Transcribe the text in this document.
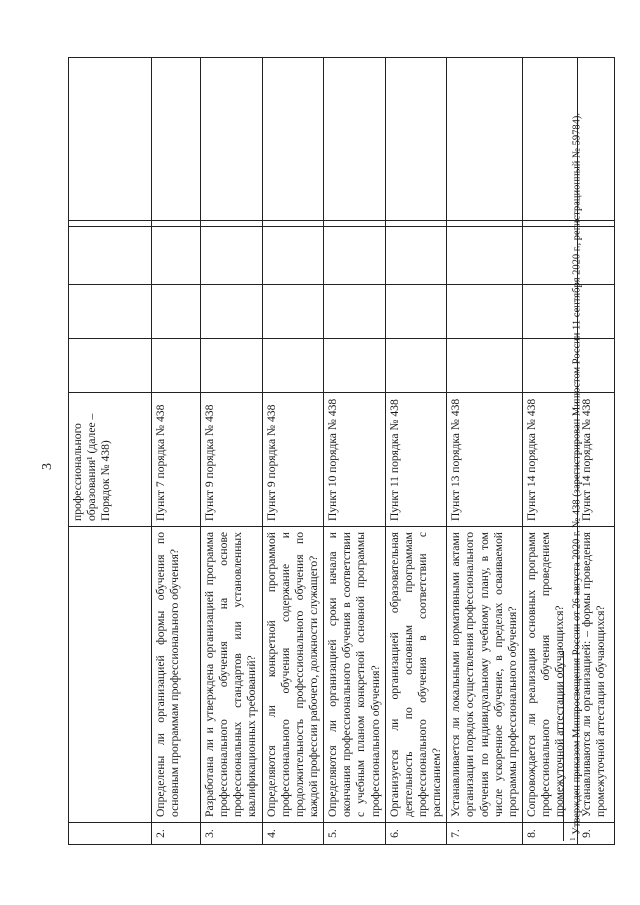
3
		профессионального образования¹ (далее – Порядок № 438)					
2.	Определены ли организацией формы обучения по основным программам профессионального обучения?	Пункт 7 порядка № 438					
3.	Разработана ли и утверждена организацией программа профессионального обучения на основе профессиональных стандартов или установленных квалификационных требований?	Пункт 9 порядка № 438					
4.	Определяются ли конкретной программой профессионального обучения содержание и продолжительность профессионального обучения по каждой профессии рабочего, должности служащего?	Пункт 9 порядка № 438					
5.	Определяются ли организацией сроки начала и окончания профессионального обучения в соответствии с учебным планом конкретной основной программы профессионального обучения?	Пункт 10 порядка № 438					
6.	Организуется ли организацией образовательная деятельность по основным программам профессионального обучения в соответствии с расписанием?	Пункт 11 порядка № 438					
7.	Устанавливается ли локальными нормативными актами организации порядок осуществления профессионального обучения по индивидуальному учебному плану, в том числе ускоренное обучение, в пределах осваиваемой программы профессионального обучения?	Пункт 13 порядка № 438					
8.	Сопровождается ли реализация основных программ профессионального обучения проведением промежуточной аттестации обучающихся?	Пункт 14 порядка № 438					
9.	Устанавливаются ли организацией: – формы проведения промежуточной аттестации обучающихся?	Пункт 14 порядка № 438					
$^1$ Утвержден приказом Минпросвещения России от 26 августа 2020 г. № 438 (зарегистрирован Минюстом России 11 сентября 2020 г., регистрационный № 59784).
